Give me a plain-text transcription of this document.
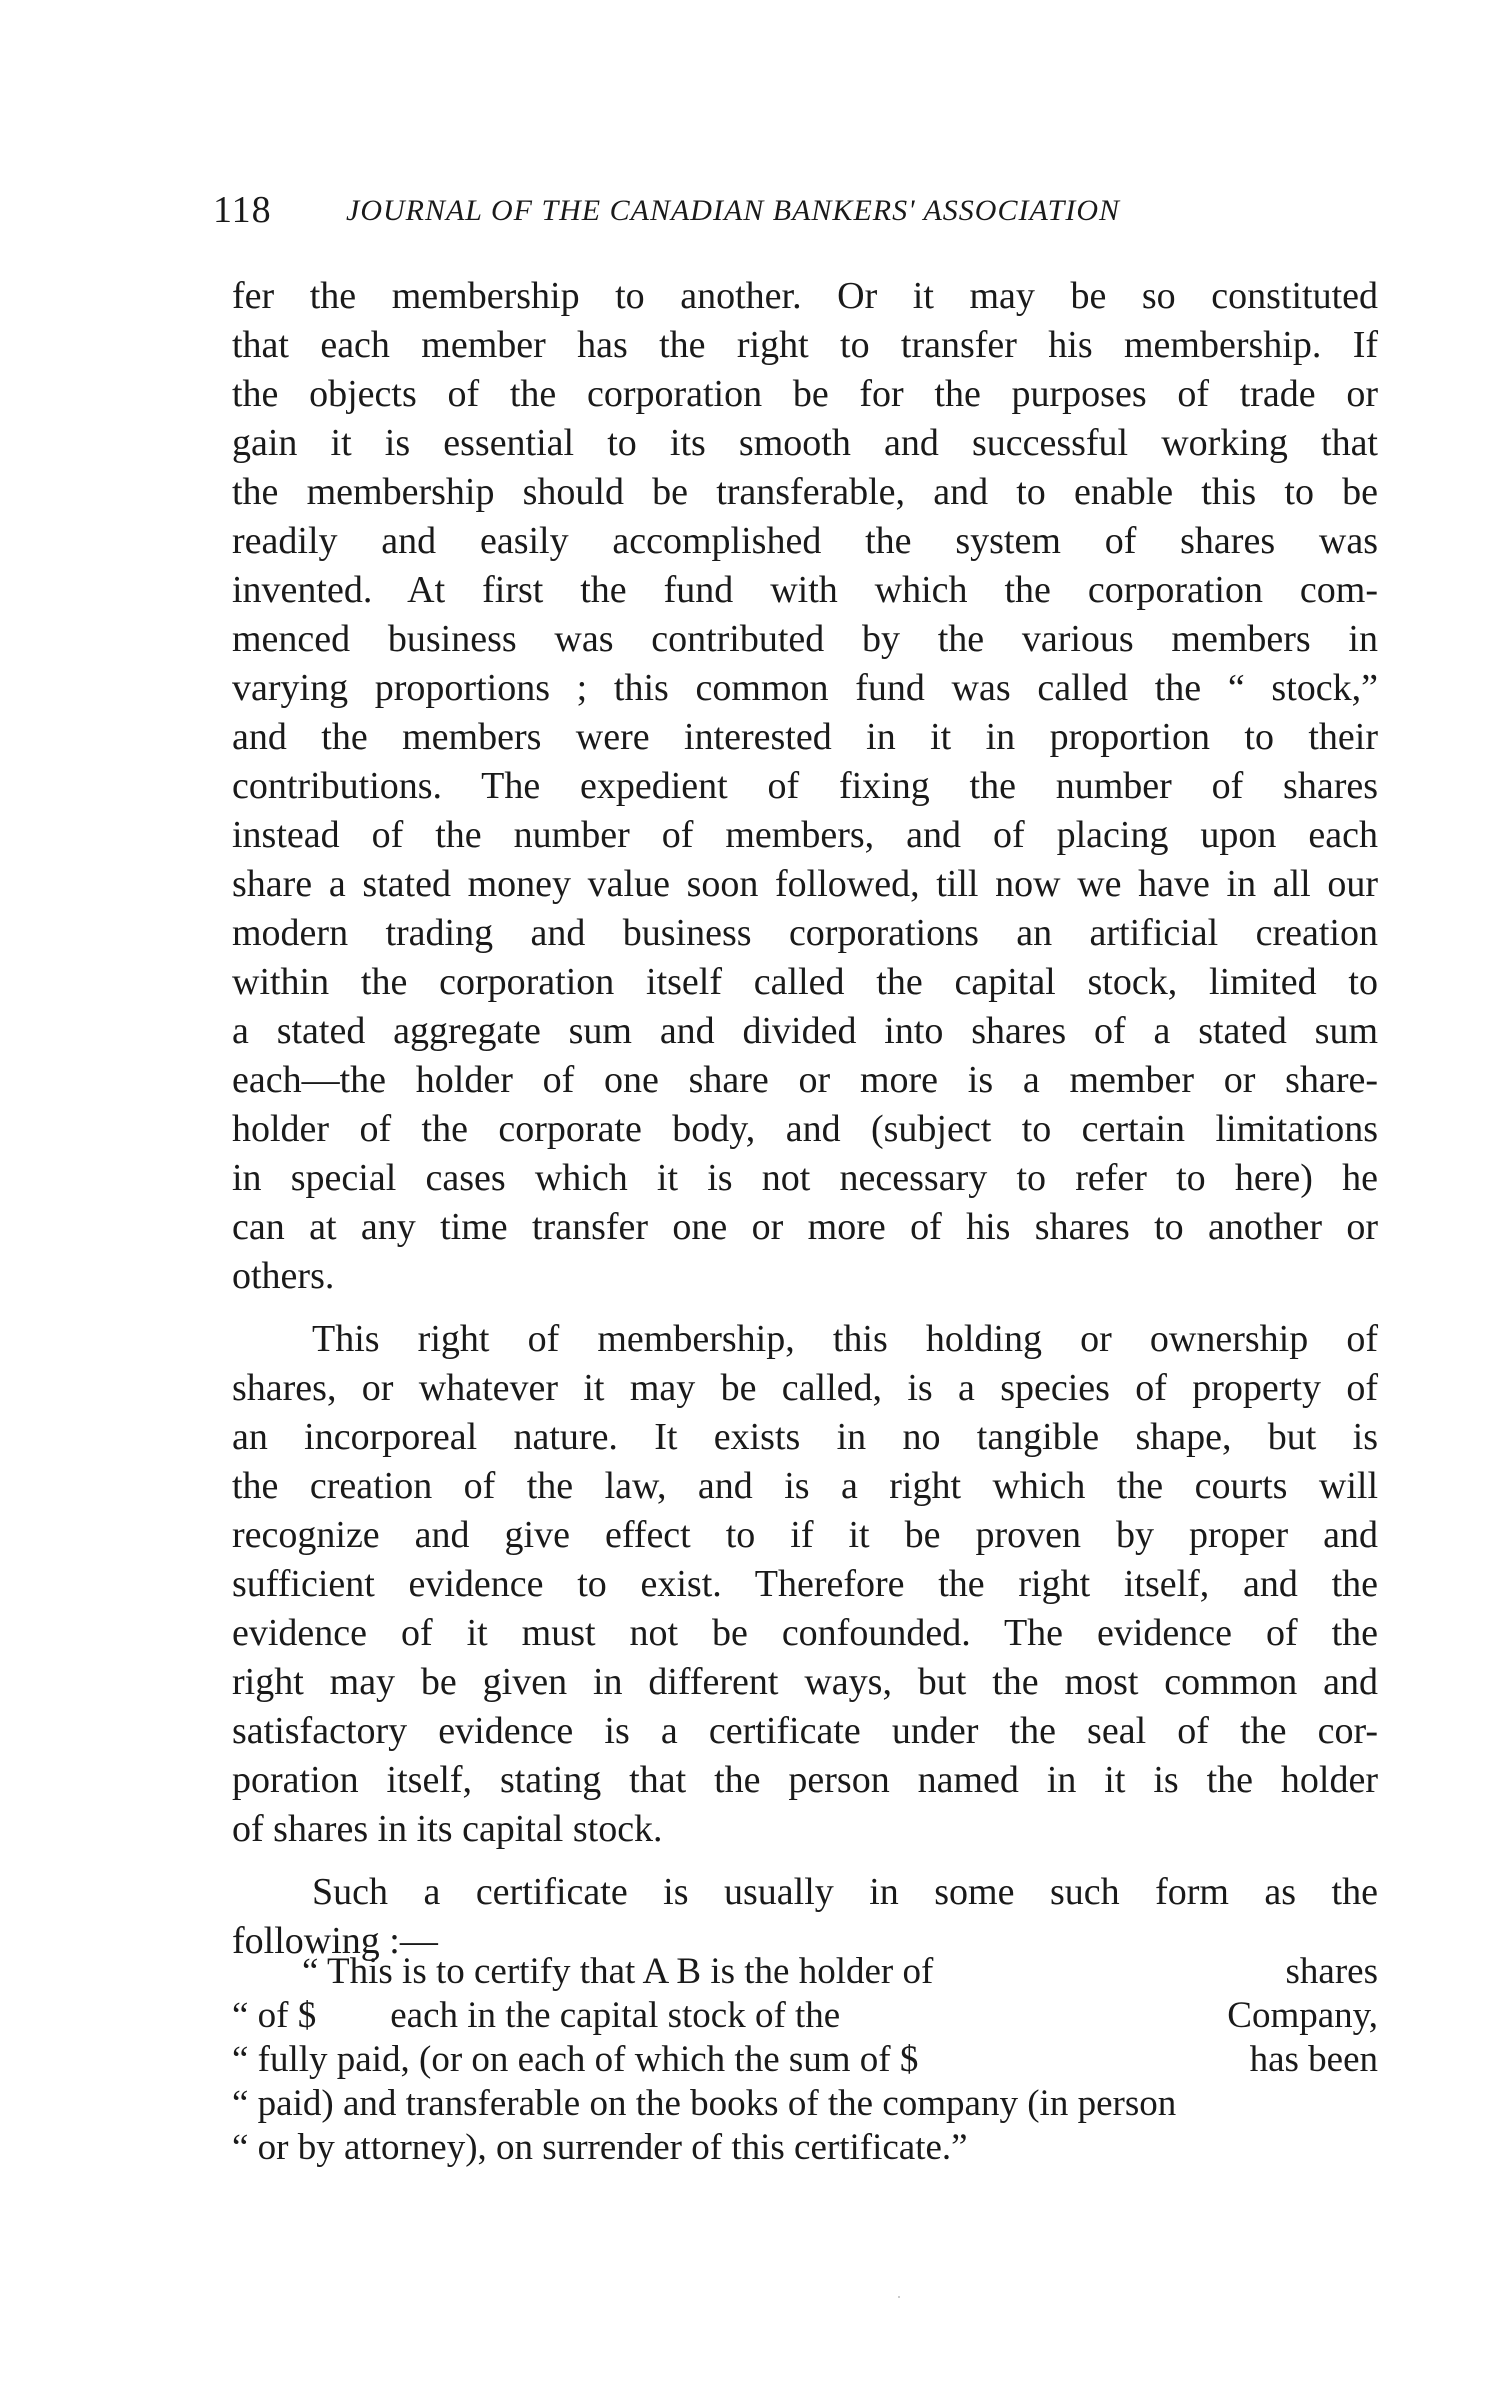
118 JOURNAL OF THE CANADIAN BANKERS' ASSOCIATION
fer the membership to another. Or it may be so constituted
that each member has the right to transfer his membership. If
the objects of the corporation be for the purposes of trade or
gain it is essential to its smooth and successful working that
the membership should be transferable, and to enable this to be
readily and easily accomplished the system of shares was
invented. At first the fund with which the corporation com-
menced business was contributed by the various members in
varying proportions ; this common fund was called the “ stock,”
and the members were interested in it in proportion to their
contributions. The expedient of fixing the number of shares
instead of the number of members, and of placing upon each
share a stated money value soon followed, till now we have in all our
modern trading and business corporations an artificial creation
within the corporation itself called the capital stock, limited to
a stated aggregate sum and divided into shares of a stated sum
each—the holder of one share or more is a member or share-
holder of the corporate body, and (subject to certain limitations
in special cases which it is not necessary to refer to here) he
can at any time transfer one or more of his shares to another or
others.
This right of membership, this holding or ownership of
shares, or whatever it may be called, is a species of property of
an incorporeal nature. It exists in no tangible shape, but is
the creation of the law, and is a right which the courts will
recognize and give effect to if it be proven by proper and
sufficient evidence to exist. Therefore the right itself, and the
evidence of it must not be confounded. The evidence of the
right may be given in different ways, but the most common and
satisfactory evidence is a certificate under the seal of the cor-
poration itself, stating that the person named in it is the holder
of shares in its capital stock.
Such a certificate is usually in some such form as the
following :—
“ This is to certify that A B is the holder of	shares
“ of $        each in the capital stock of the	Company,
“ fully paid, (or on each of which the sum of $	has been
“ paid) and transferable on the books of the company (in person
“ or by attorney), on surrender of this certificate.”
